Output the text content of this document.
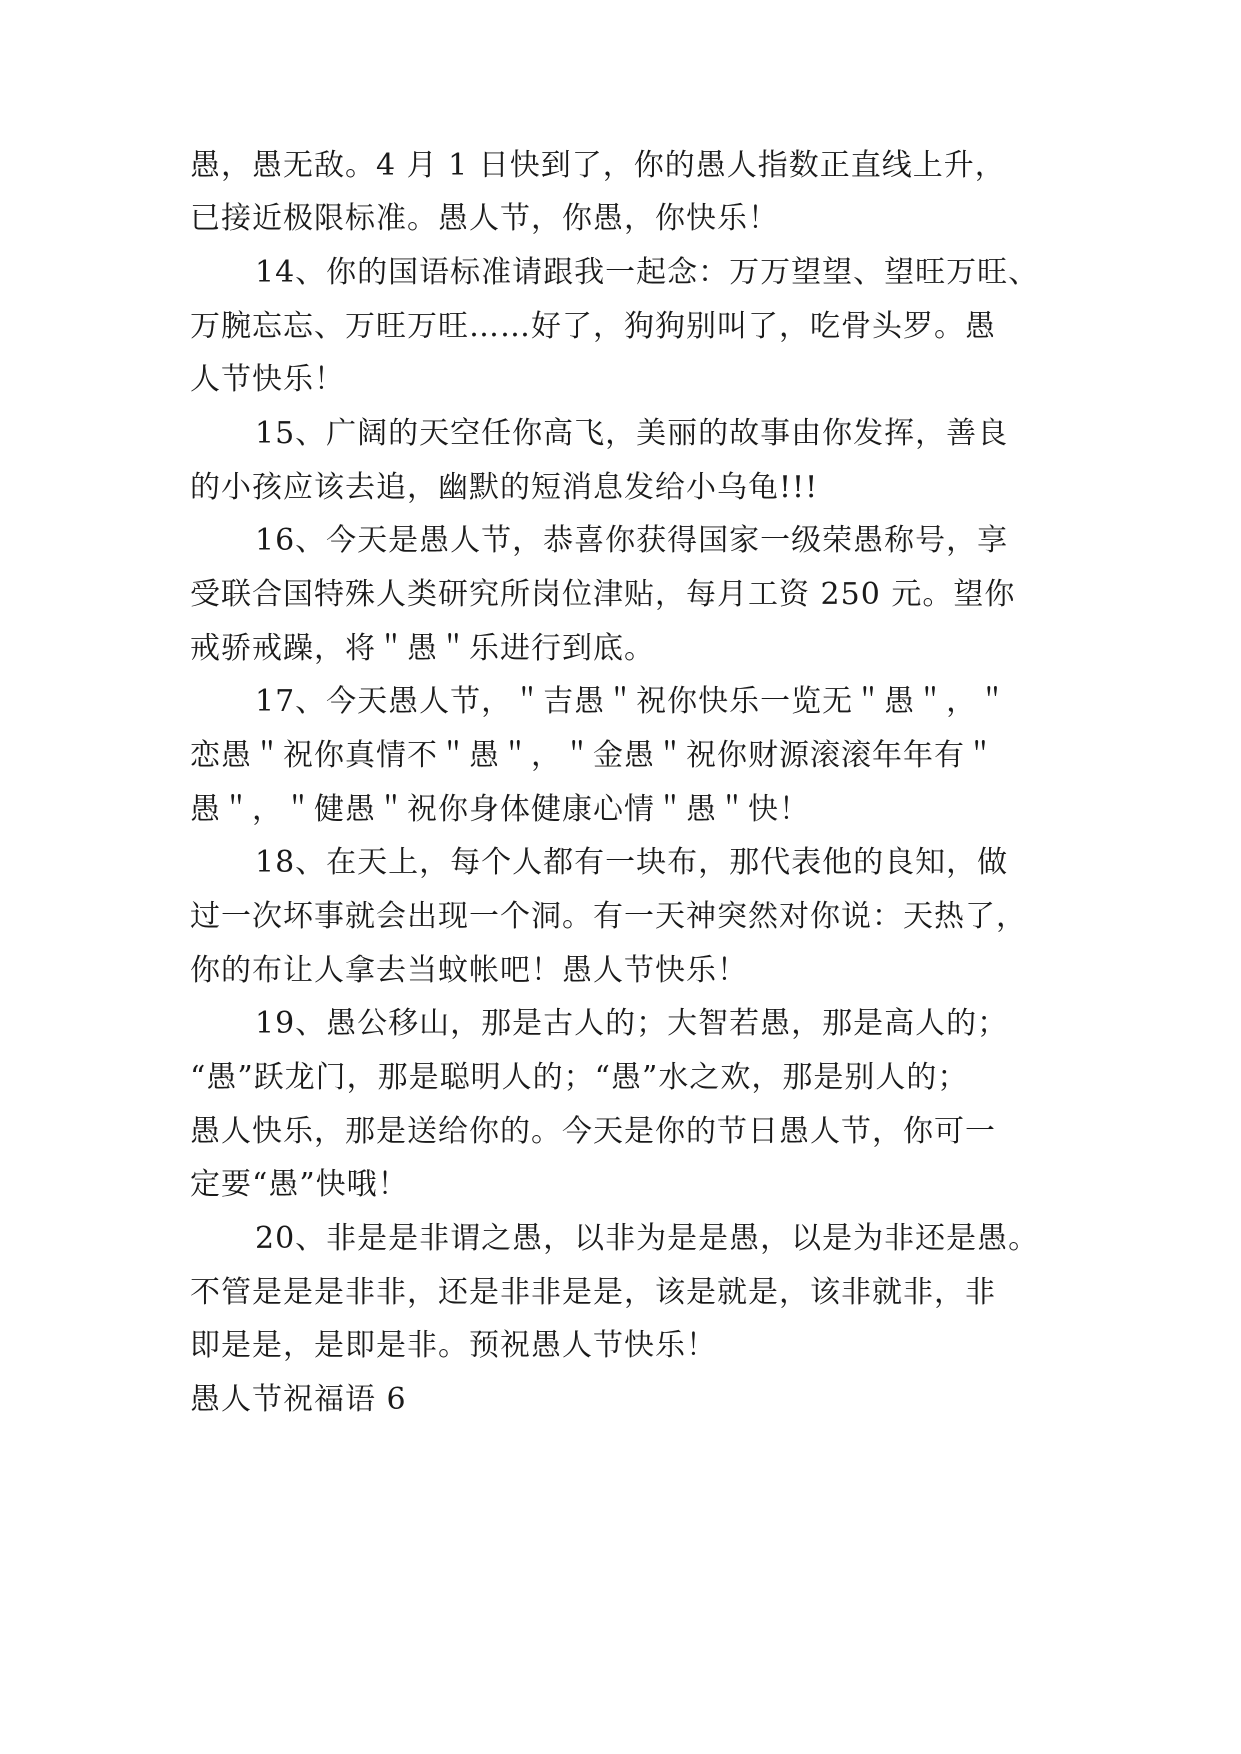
愚，愚无敌。4 月 1 日快到了，你的愚人指数正直线上升，
已接近极限标准。愚人节，你愚，你快乐！
14、你的国语标准请跟我一起念：万万望望、望旺万旺、
万腕忘忘、万旺万旺……好了，狗狗别叫了，吃骨头罗。愚
人节快乐！
15、广阔的天空任你高飞，美丽的故事由你发挥，善良
的小孩应该去追，幽默的短消息发给小乌龟!!!
16、今天是愚人节，恭喜你获得国家一级荣愚称号，享
受联合国特殊人类研究所岗位津贴，每月工资 250 元。望你
戒骄戒躁，将＂愚＂乐进行到底。
17、今天愚人节，＂吉愚＂祝你快乐一览无＂愚＂，＂
恋愚＂祝你真情不＂愚＂，＂金愚＂祝你财源滚滚年年有＂
愚＂，＂健愚＂祝你身体健康心情＂愚＂快！
18、在天上，每个人都有一块布，那代表他的良知，做
过一次坏事就会出现一个洞。有一天神突然对你说：天热了，
你的布让人拿去当蚊帐吧！愚人节快乐！
19、愚公移山，那是古人的；大智若愚，那是高人的；
“愚”跃龙门，那是聪明人的；“愚”水之欢，那是别人的；
愚人快乐，那是送给你的。今天是你的节日愚人节，你可一
定要“愚”快哦！
20、非是是非谓之愚，以非为是是愚，以是为非还是愚。
不管是是是非非，还是非非是是，该是就是，该非就非，非
即是是，是即是非。预祝愚人节快乐！
愚人节祝福语 6
